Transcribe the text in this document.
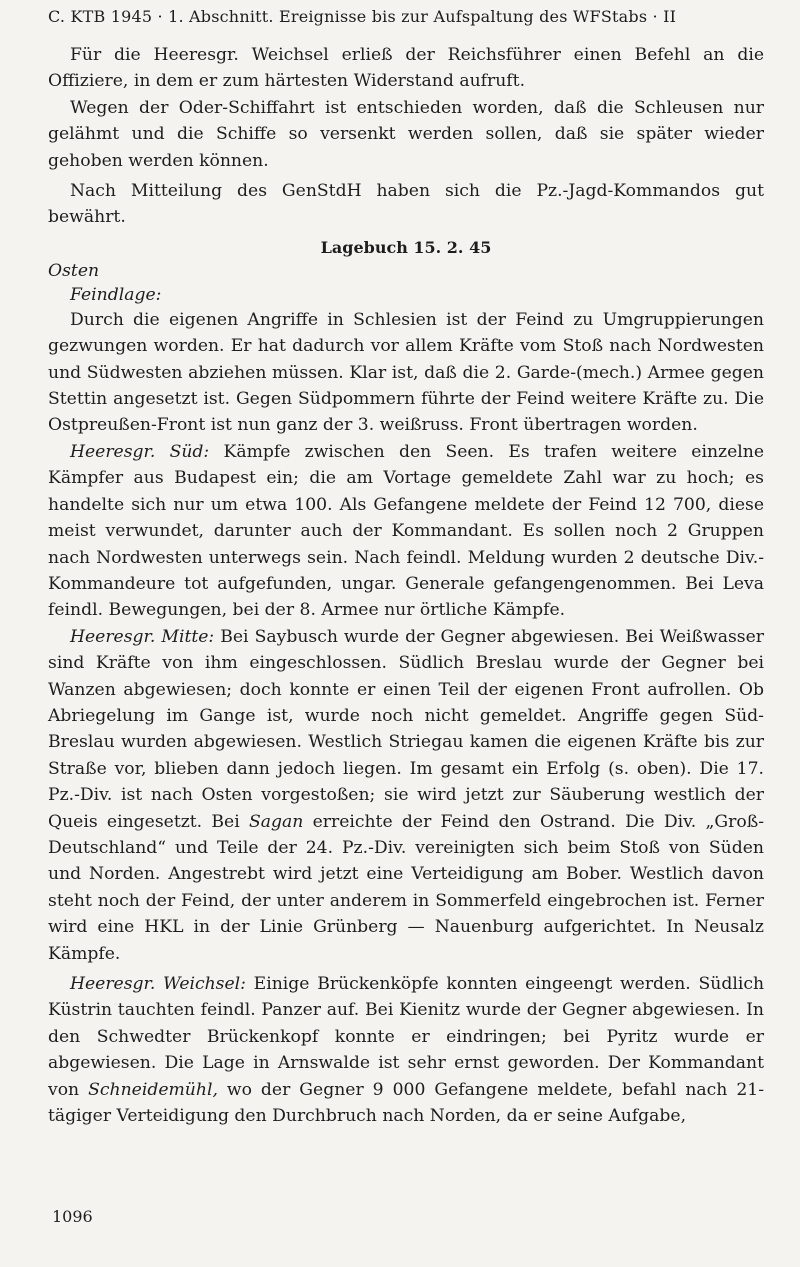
C. KTB 1945 · 1. Abschnitt. Ereignisse bis zur Aufspaltung des WFStabs · II

Für die Heeresgr. Weichsel erließ der Reichsführer einen Befehl an die Offiziere, in dem er zum härtesten Widerstand aufruft.

Wegen der Oder-Schiffahrt ist entschieden worden, daß die Schleusen nur gelähmt und die Schiffe so versenkt werden sollen, daß sie später wieder gehoben werden können.

Nach Mitteilung des GenStdH haben sich die Pz.-Jagd-Kommandos gut bewährt.

Lagebuch 15. 2. 45
Osten
Feindlage:

Durch die eigenen Angriffe in Schlesien ist der Feind zu Umgruppierungen gezwungen worden. Er hat dadurch vor allem Kräfte vom Stoß nach Nordwesten und Südwesten abziehen müssen. Klar ist, daß die 2. Garde-(mech.) Armee gegen Stettin angesetzt ist. Gegen Südpommern führte der Feind weitere Kräfte zu. Die Ostpreußen-Front ist nun ganz der 3. weißruss. Front übertragen worden.

Heeresgr. Süd: Kämpfe zwischen den Seen. Es trafen weitere einzelne Kämpfer aus Budapest ein; die am Vortage gemeldete Zahl war zu hoch; es handelte sich nur um etwa 100. Als Gefangene meldete der Feind 12 700, diese meist verwundet, darunter auch der Kommandant. Es sollen noch 2 Gruppen nach Nordwesten unterwegs sein. Nach feindl. Meldung wurden 2 deutsche Div.-Kommandeure tot aufgefunden, ungar. Generale gefangengenommen. Bei Leva feindl. Bewegungen, bei der 8. Armee nur örtliche Kämpfe.

Heeresgr. Mitte: Bei Saybusch wurde der Gegner abgewiesen. Bei Weißwasser sind Kräfte von ihm eingeschlossen. Südlich Breslau wurde der Gegner bei Wanzen abgewiesen; doch konnte er einen Teil der eigenen Front aufrollen. Ob Abriegelung im Gange ist, wurde noch nicht gemeldet. Angriffe gegen Süd-Breslau wurden abgewiesen. Westlich Striegau kamen die eigenen Kräfte bis zur Straße vor, blieben dann jedoch liegen. Im gesamt ein Erfolg (s. oben). Die 17. Pz.-Div. ist nach Osten vorgestoßen; sie wird jetzt zur Säuberung westlich der Queis eingesetzt. Bei Sagan erreichte der Feind den Ostrand. Die Div. „Groß-Deutschland“ und Teile der 24. Pz.-Div. vereinigten sich beim Stoß von Süden und Norden. Angestrebt wird jetzt eine Verteidigung am Bober. Westlich davon steht noch der Feind, der unter anderem in Sommerfeld eingebrochen ist. Ferner wird eine HKL in der Linie Grünberg — Nauenburg aufgerichtet. In Neusalz Kämpfe.

Heeresgr. Weichsel: Einige Brückenköpfe konnten eingeengt werden. Südlich Küstrin tauchten feindl. Panzer auf. Bei Kienitz wurde der Gegner abgewiesen. In den Schwedter Brückenkopf konnte er eindringen; bei Pyritz wurde er abgewiesen. Die Lage in Arnswalde ist sehr ernst geworden. Der Kommandant von Schneidemühl, wo der Gegner 9 000 Gefangene meldete, befahl nach 21-tägiger Verteidigung den Durchbruch nach Norden, da er seine Aufgabe,

1096
